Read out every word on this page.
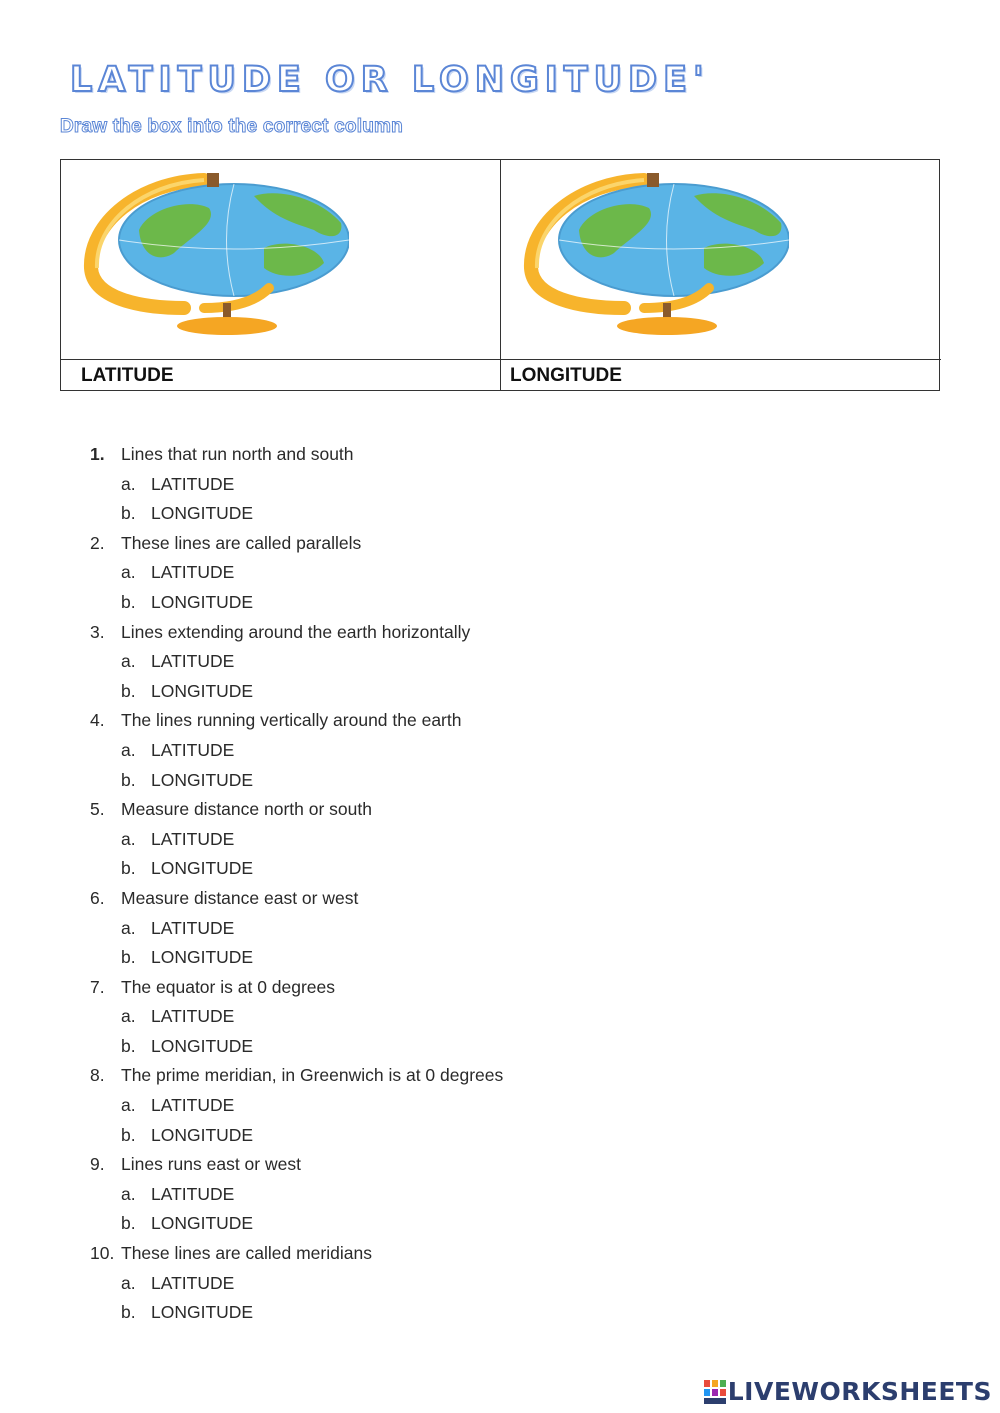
LATITUDE OR LONGITUDE'
Draw the box into the correct column
LATITUDE	LONGITUDE
1. Lines that run north and south
a. LATITUDE
b. LONGITUDE
2. These lines are called parallels
a. LATITUDE
b. LONGITUDE
3. Lines extending around the earth horizontally
a. LATITUDE
b. LONGITUDE
4. The lines running vertically around the earth
a. LATITUDE
b. LONGITUDE
5. Measure distance north or south
a. LATITUDE
b. LONGITUDE
6. Measure distance east or west
a. LATITUDE
b. LONGITUDE
7. The equator is at 0 degrees
a. LATITUDE
b. LONGITUDE
8. The prime meridian, in Greenwich is at 0 degrees
a. LATITUDE
b. LONGITUDE
9. Lines runs east or west
a. LATITUDE
b. LONGITUDE
10. These lines are called meridians
a. LATITUDE
b. LONGITUDE
LIVEWORKSHEETS
